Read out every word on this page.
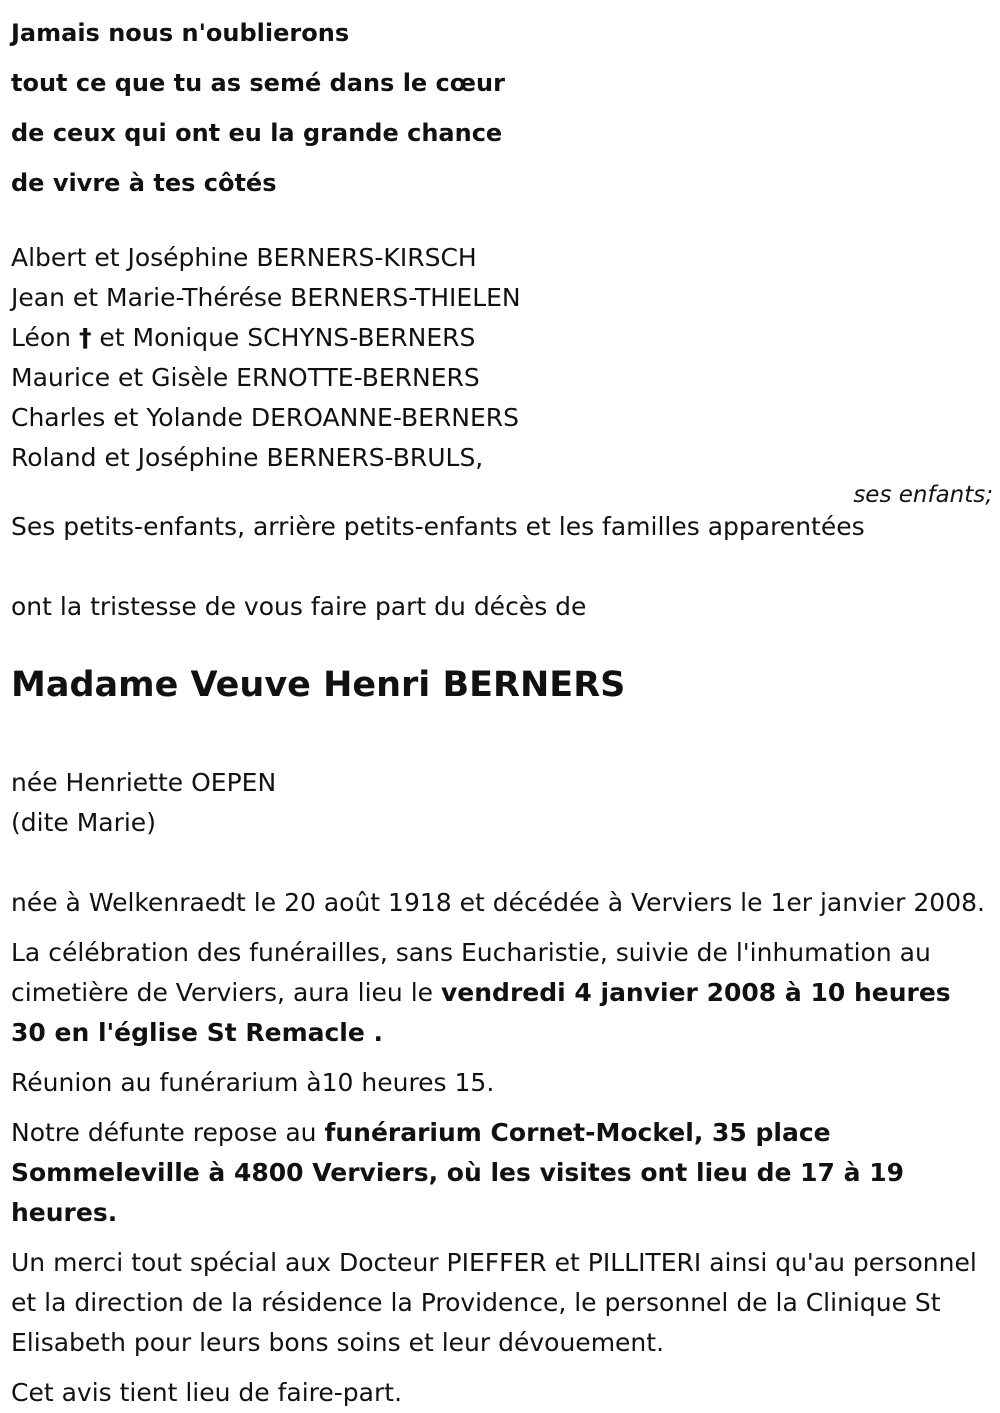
Jamais nous n'oublierons
tout ce que tu as semé dans le cœur
de ceux qui ont eu la grande chance
de vivre à tes côtés
Albert et Joséphine BERNERS-KIRSCH
Jean et Marie-Thérése BERNERS-THIELEN
Léon † et Monique SCHYNS-BERNERS
Maurice et Gisèle ERNOTTE-BERNERS
Charles et Yolande DEROANNE-BERNERS
Roland et Joséphine BERNERS-BRULS,
ses enfants;
Ses petits-enfants, arrière petits-enfants et les familles apparentées
ont la tristesse de vous faire part du décès de
Madame Veuve Henri BERNERS
née Henriette OEPEN
(dite Marie)
née à Welkenraedt le 20 août 1918 et décédée à Verviers le 1er janvier 2008.
La célébration des funérailles, sans Eucharistie, suivie de l'inhumation au cimetière de Verviers, aura lieu le vendredi 4 janvier 2008 à 10 heures 30 en l'église St Remacle .
Réunion au funérarium à10 heures 15.
Notre défunte repose au funérarium Cornet-Mockel, 35 place Sommeleville à 4800 Verviers, où les visites ont lieu de 17 à 19 heures.
Un merci tout spécial aux Docteur PIEFFER et PILLITERI ainsi qu'au personnel et la direction de la résidence la Providence, le personnel de la Clinique St Elisabeth pour leurs bons soins et leur dévouement.
Cet avis tient lieu de faire-part.
